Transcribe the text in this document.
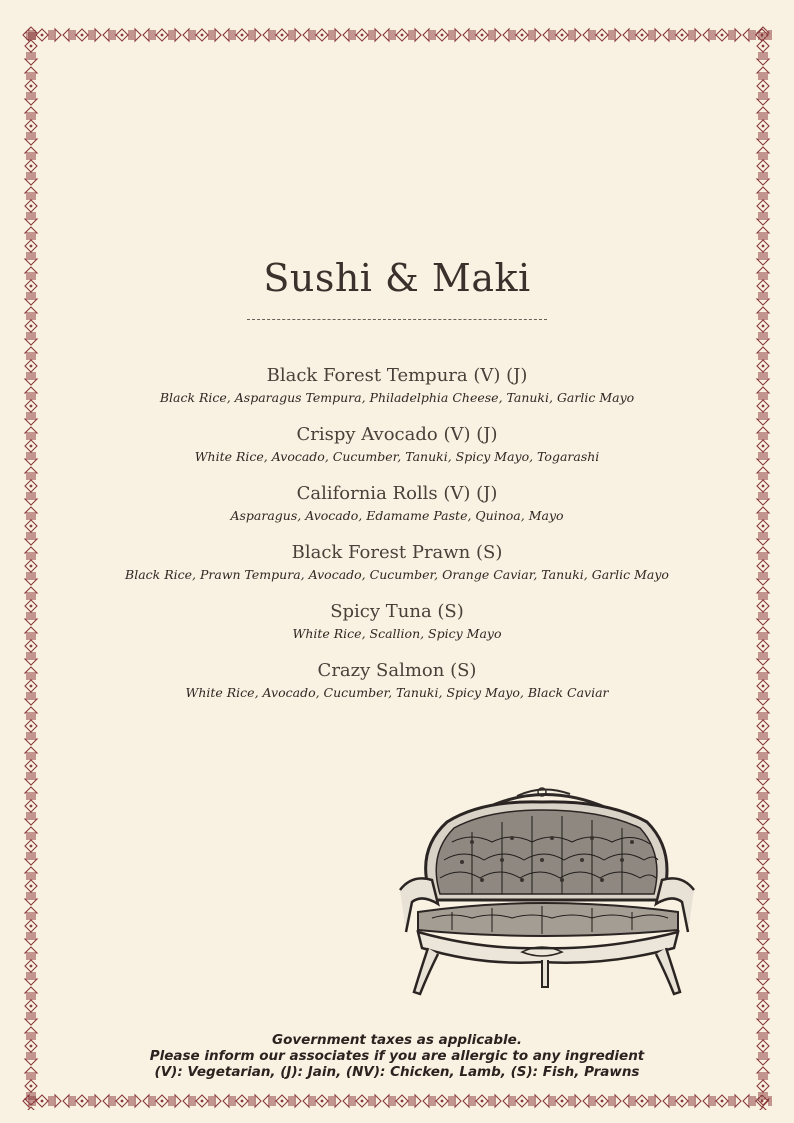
Sushi & Maki
Black Forest Tempura (V) (J)
Black Rice, Asparagus Tempura, Philadelphia Cheese, Tanuki, Garlic Mayo
Crispy Avocado (V) (J)
White Rice, Avocado, Cucumber, Tanuki, Spicy Mayo, Togarashi
California Rolls (V) (J)
Asparagus, Avocado, Edamame Paste, Quinoa, Mayo
Black Forest Prawn (S)
Black Rice, Prawn Tempura, Avocado, Cucumber, Orange Caviar, Tanuki, Garlic Mayo
Spicy Tuna (S)
White Rice, Scallion, Spicy Mayo
Crazy Salmon (S)
White Rice, Avocado, Cucumber, Tanuki, Spicy Mayo, Black Caviar
Government taxes as applicable.
Please inform our associates if you are allergic to any ingredient
(V): Vegetarian, (J): Jain, (NV): Chicken, Lamb, (S): Fish, Prawns
